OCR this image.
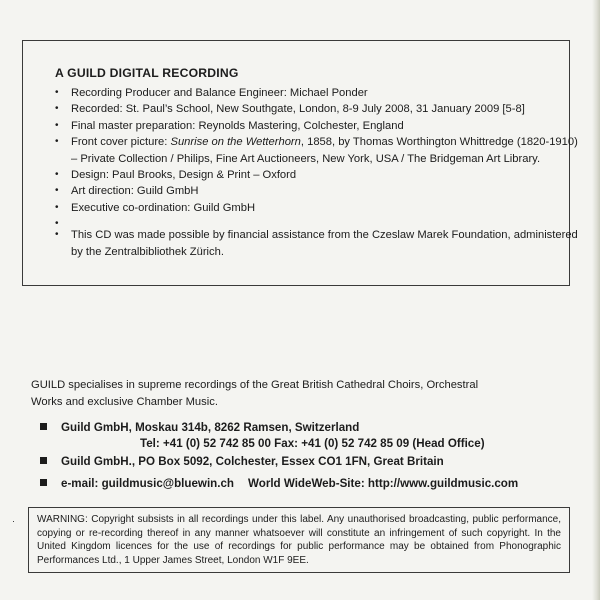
A GUILD DIGITAL RECORDING
• Recording Producer and Balance Engineer: Michael Ponder
• Recorded: St. Paul’s School, New Southgate, London, 8-9 July 2008, 31 January 2009 [5-8]
• Final master preparation: Reynolds Mastering, Colchester, England
• Front cover picture: Sunrise on the Wetterhorn, 1858, by Thomas Worthington Whittredge (1820-1910)
– Private Collection / Philips, Fine Art Auctioneers, New York, USA / The Bridgeman Art Library.
• Design: Paul Brooks, Design & Print – Oxford
• Art direction: Guild GmbH
• Executive co-ordination: Guild GmbH
•
• This CD was made possible by financial assistance from the Czeslaw Marek Foundation, administered
by the Zentralbibliothek Zürich.
GUILD specialises in supreme recordings of the Great British Cathedral Choirs, Orchestral
Works and exclusive Chamber Music.
Guild GmbH, Moskau 314b, 8262 Ramsen, Switzerland
Tel: +41 (0) 52 742 85 00 Fax: +41 (0) 52 742 85 09 (Head Office)
Guild GmbH., PO Box 5092, Colchester, Essex CO1 1FN, Great Britain
e-mail: guildmusic@bluewin.ch World WideWeb-Site: http://www.guildmusic.com
·	WARNING: Copyright subsists in all recordings under this label. Any unauthorised broadcasting, public performance, copying or re-recording thereof in any manner whatsoever will constitute an infringement of such copyright. In the United Kingdom licences for the use of recordings for public performance may be obtained from Phonographic Performances Ltd., 1 Upper James Street, London W1F 9EE.
